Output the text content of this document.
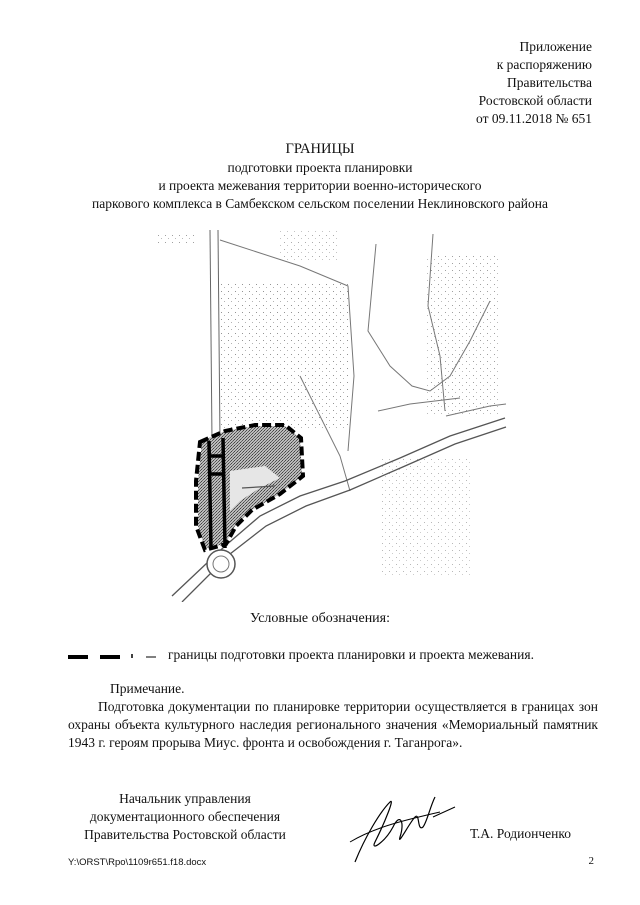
Приложение
к распоряжению
Правительства
Ростовской области
от 09.11.2018 № 651
ГРАНИЦЫ
подготовки проекта планировки
и проекта межевания территории военно-исторического
паркового комплекса в Самбекском сельском поселении Неклиновского района
Условные обозначения:
границы подготовки проекта планировки и проекта межевания.
Примечание.
Подготовка документации по планировке территории осуществляется в границах зон охраны объекта культурного наследия регионального значения «Мемориальный памятник 1943 г. героям прорыва Миус. фронта и освобождения г. Таганрога».
Начальник управления
документационного обеспечения
Правительства Ростовской области	Т.А. Родионченко
Y:\ORST\Rpo\1109r651.f18.docx	2
